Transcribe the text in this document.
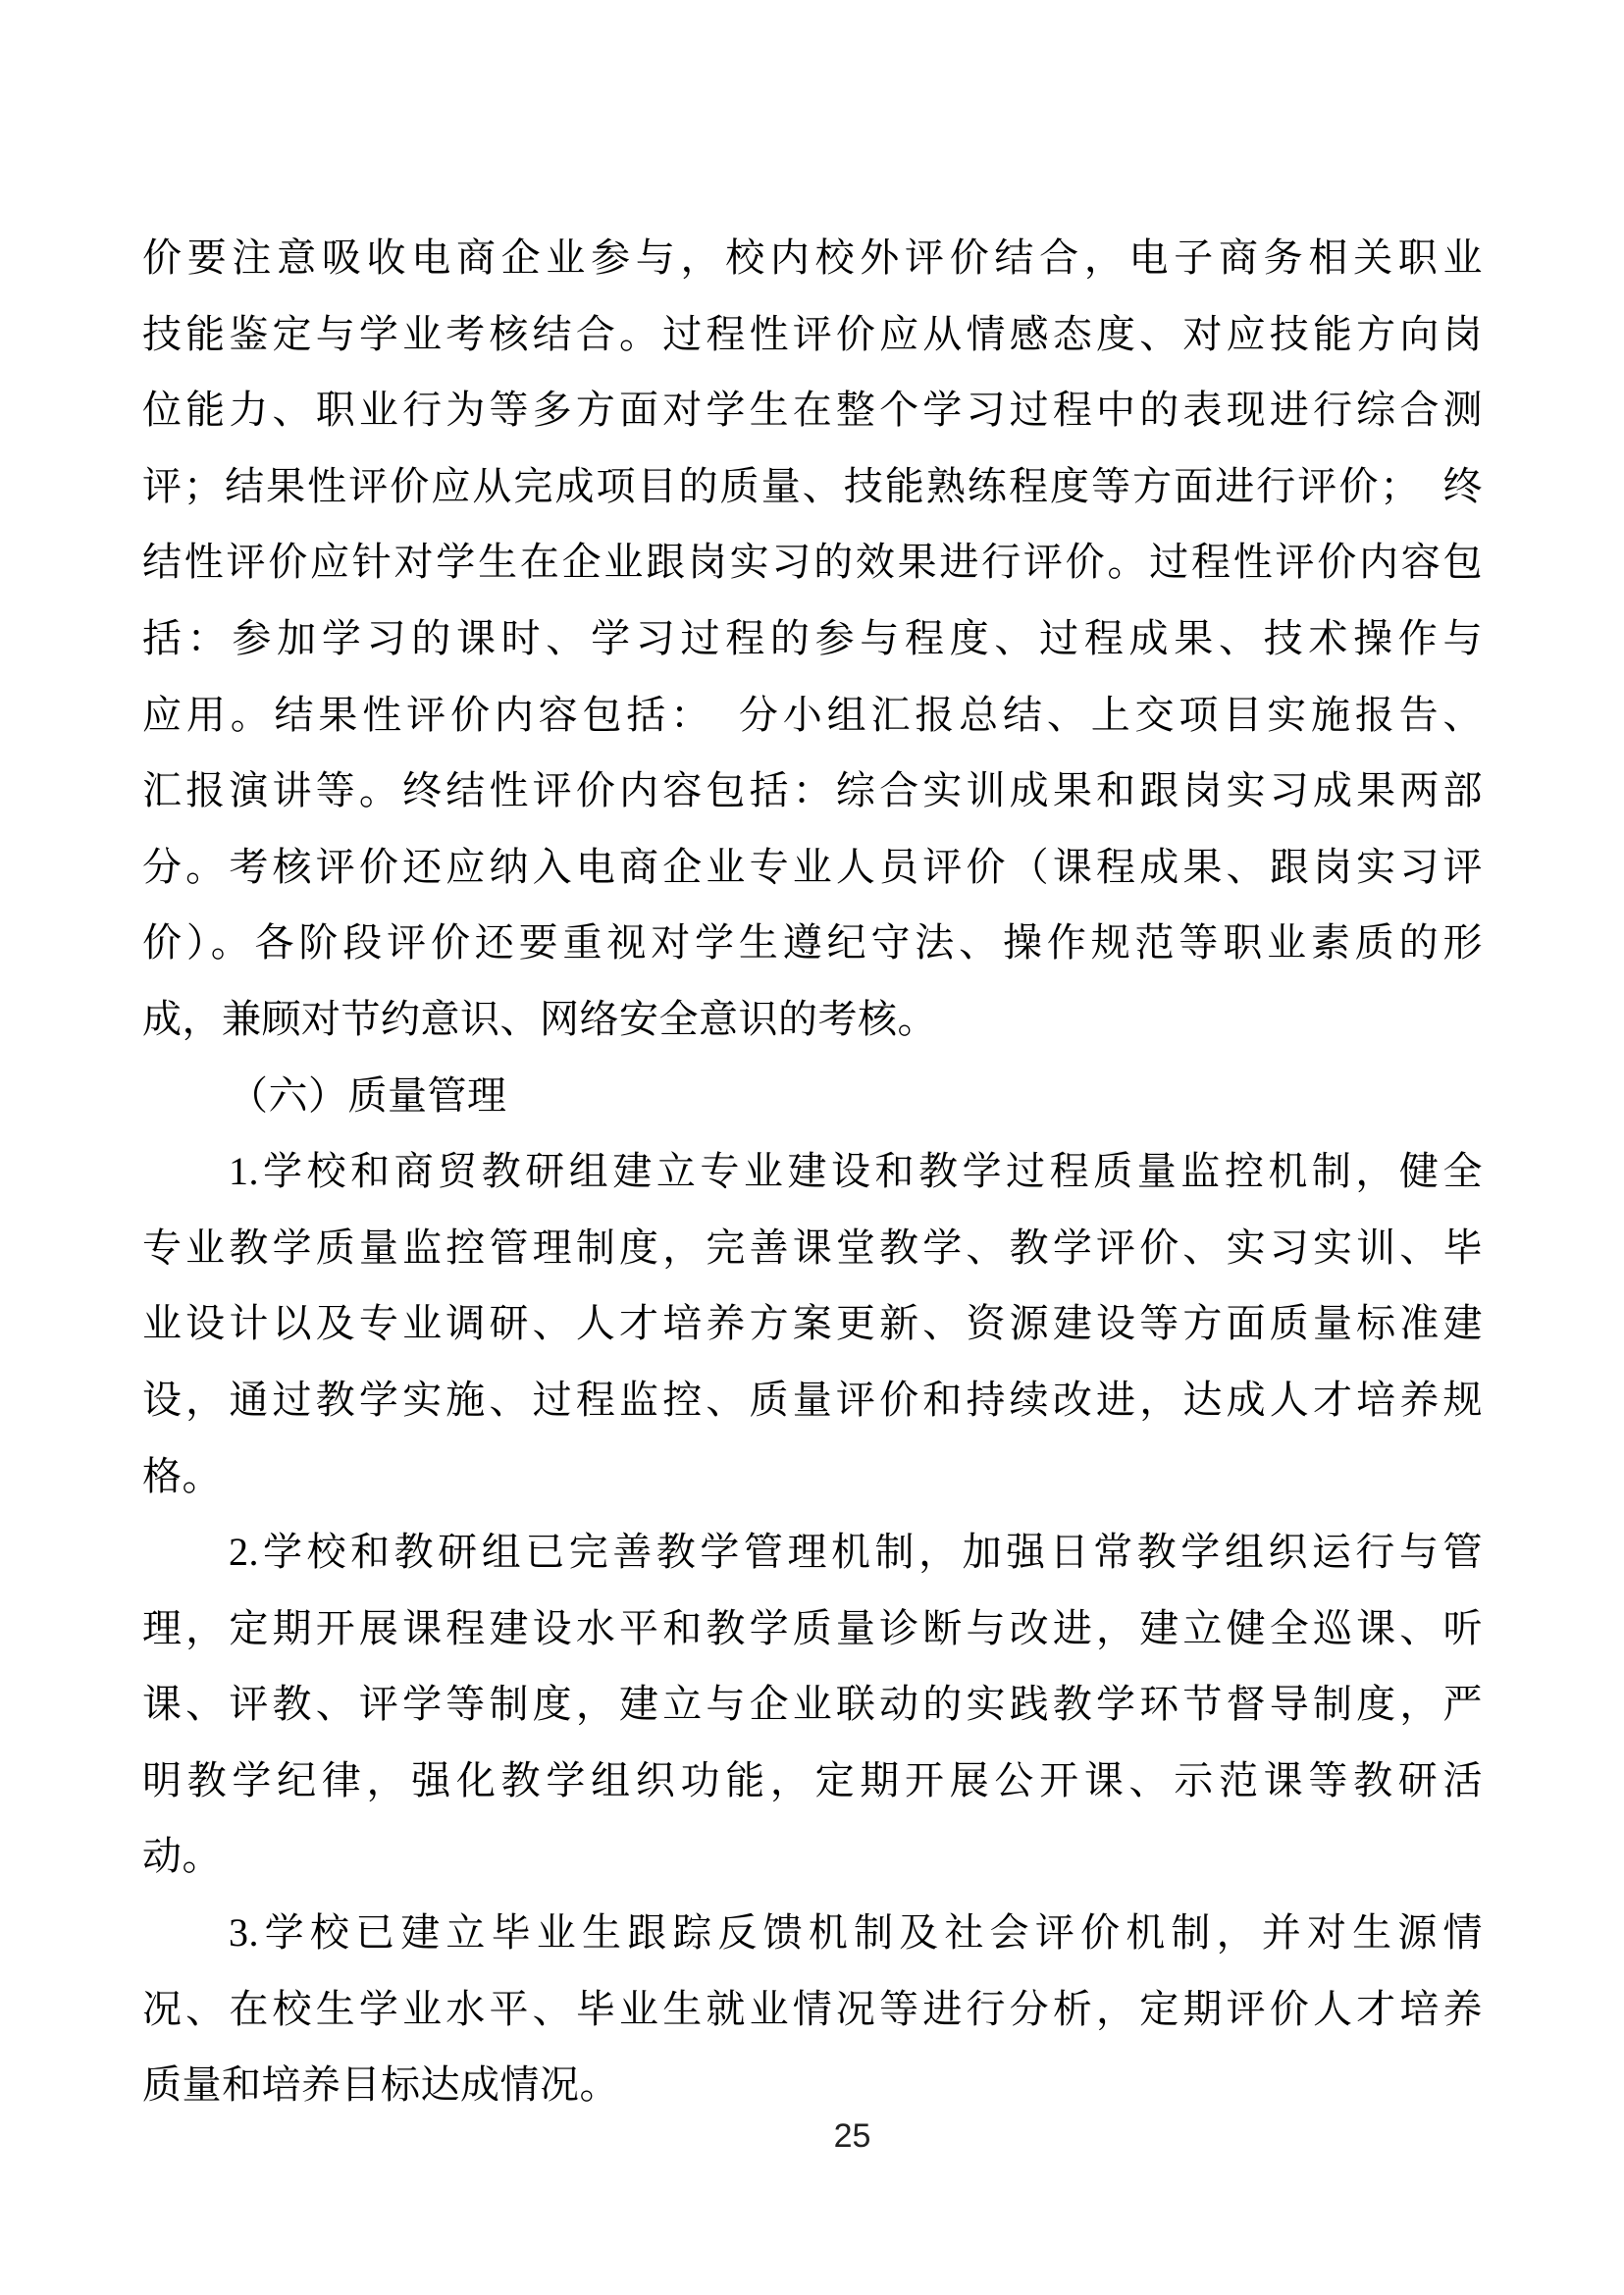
价要注意吸收电商企业参与，校内校外评价结合，电子商务相关职业
技能鉴定与学业考核结合。过程性评价应从情感态度、对应技能方向岗
位能力、职业行为等多方面对学生在整个学习过程中的表现进行综合测
评；结果性评价应从完成项目的质量、技能熟练程度等方面进行评价；　终
结性评价应针对学生在企业跟岗实习的效果进行评价。过程性评价内容包
括：参加学习的课时、学习过程的参与程度、过程成果、技术操作与
应用。结果性评价内容包括：　分小组汇报总结、上交项目实施报告、
汇报演讲等。终结性评价内容包括：综合实训成果和跟岗实习成果两部
分。考核评价还应纳入电商企业专业人员评价（课程成果、跟岗实习评
价）。各阶段评价还要重视对学生遵纪守法、操作规范等职业素质的形
成，兼顾对节约意识、网络安全意识的考核。
（六）质量管理
1.学校和商贸教研组建立专业建设和教学过程质量监控机制，健全
专业教学质量监控管理制度，完善课堂教学、教学评价、实习实训、毕
业设计以及专业调研、人才培养方案更新、资源建设等方面质量标准建
设，通过教学实施、过程监控、质量评价和持续改进，达成人才培养规
格。
2.学校和教研组已完善教学管理机制，加强日常教学组织运行与管
理，定期开展课程建设水平和教学质量诊断与改进，建立健全巡课、听
课、评教、评学等制度，建立与企业联动的实践教学环节督导制度，严
明教学纪律，强化教学组织功能，定期开展公开课、示范课等教研活
动。
3.学校已建立毕业生跟踪反馈机制及社会评价机制，并对生源情
况、在校生学业水平、毕业生就业情况等进行分析，定期评价人才培养
质量和培养目标达成情况。
25
